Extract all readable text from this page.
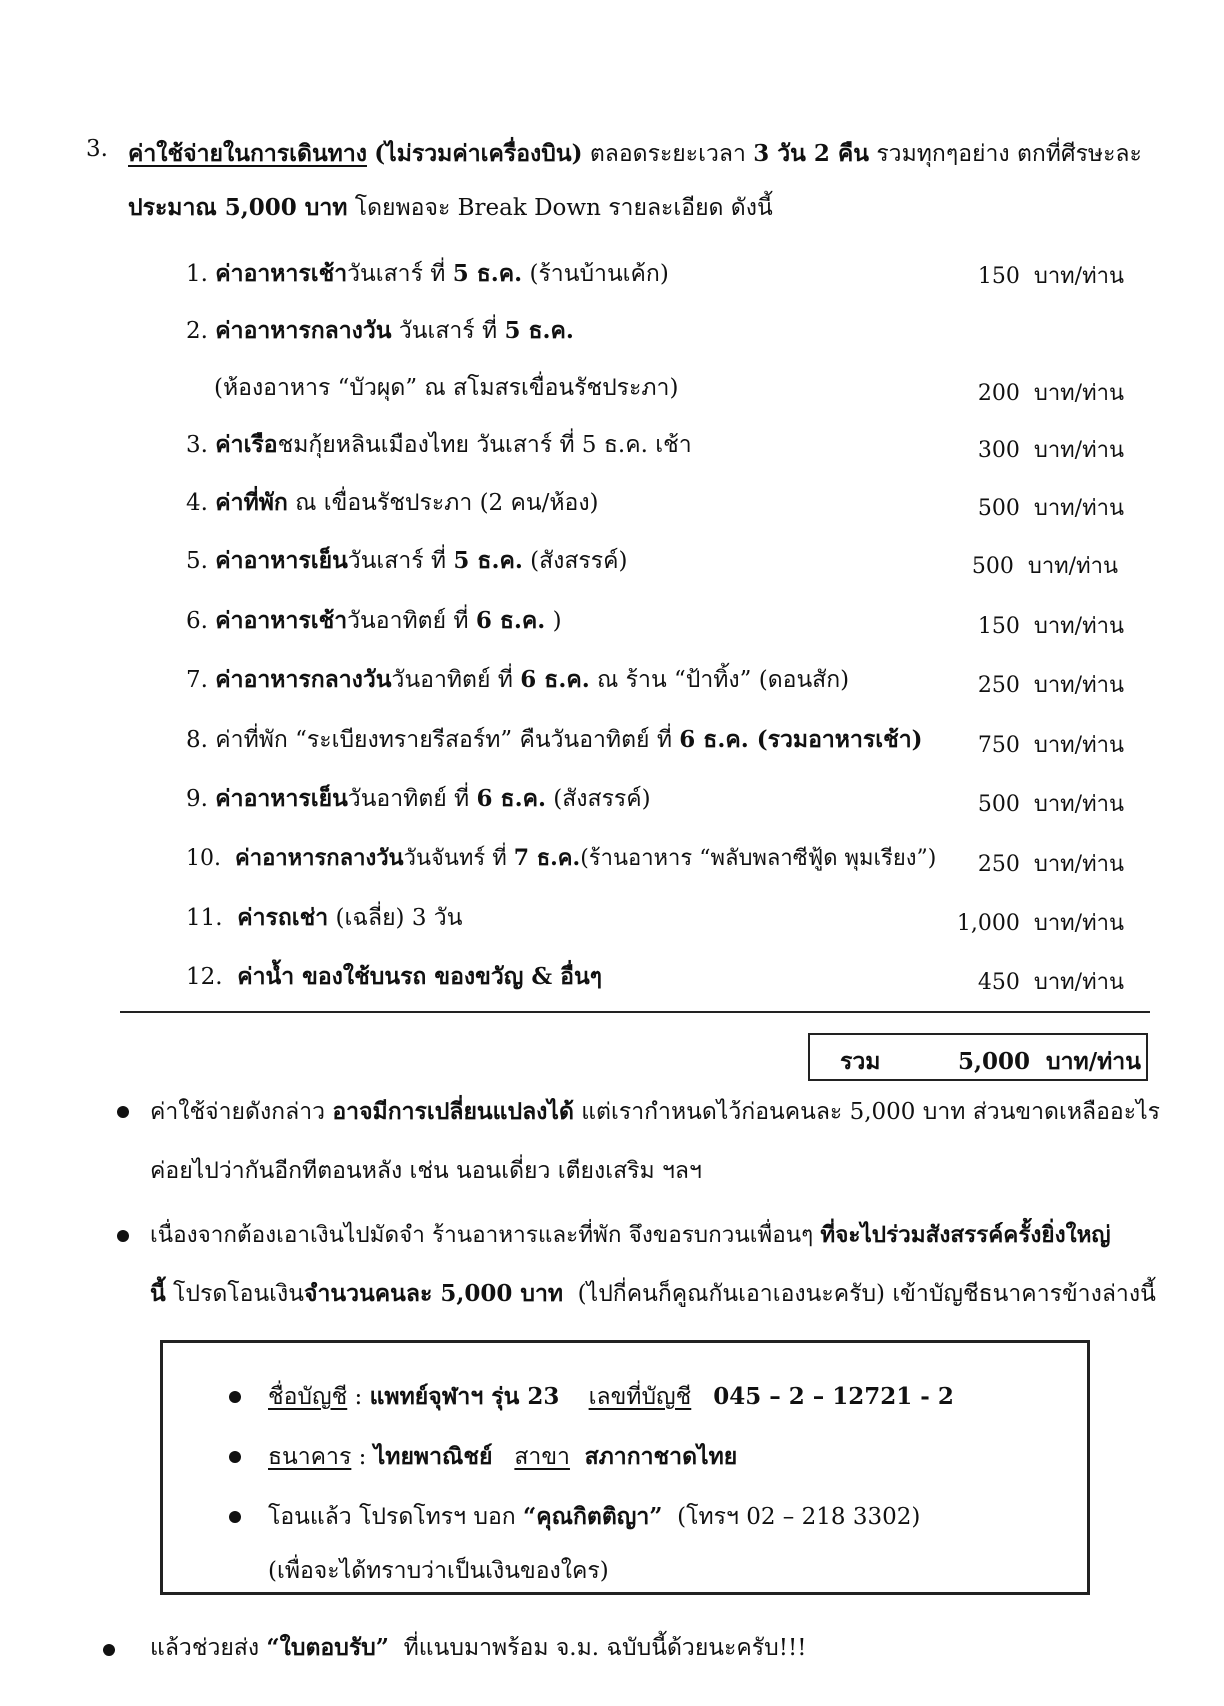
3. ค่าใช้จ่ายในการเดินทาง (ไม่รวมค่าเครื่องบิน) ตลอดระยะเวลา 3 วัน 2 คืน รวมทุกๆอย่าง ตกที่ศีรษะละ
ประมาณ 5,000 บาท โดยพอจะ Break Down รายละเอียด ดังนี้
1. ค่าอาหารเช้าวันเสาร์ ที่ 5 ธ.ค. (ร้านบ้านเค้ก)	150 บาท/ท่าน
2. ค่าอาหารกลางวัน วันเสาร์ ที่ 5 ธ.ค.
(ห้องอาหาร “บัวผุด” ณ สโมสรเขื่อนรัชประภา)	200 บาท/ท่าน
3. ค่าเรือชมกุ้ยหลินเมืองไทย วันเสาร์ ที่ 5 ธ.ค. เช้า	300 บาท/ท่าน
4. ค่าที่พัก ณ เขื่อนรัชประภา (2 คน/ห้อง)	500 บาท/ท่าน
5. ค่าอาหารเย็นวันเสาร์ ที่ 5 ธ.ค. (สังสรรค์)	500 บาท/ท่าน
6. ค่าอาหารเช้าวันอาทิตย์ ที่ 6 ธ.ค. )	150 บาท/ท่าน
7. ค่าอาหารกลางวันวันอาทิตย์ ที่ 6 ธ.ค. ณ ร้าน “ป้าทิ้ง” (ดอนสัก)	250 บาท/ท่าน
8. ค่าที่พัก “ระเบียงทรายรีสอร์ท” คืนวันอาทิตย์ ที่ 6 ธ.ค. (รวมอาหารเช้า)	750 บาท/ท่าน
9. ค่าอาหารเย็นวันอาทิตย์ ที่ 6 ธ.ค. (สังสรรค์)	500 บาท/ท่าน
10. ค่าอาหารกลางวันวันจันทร์ ที่ 7 ธ.ค.(ร้านอาหาร “พลับพลาซีฟู้ด พุมเรียง”) 250 บาท/ท่าน
11. ค่ารถเช่า (เฉลี่ย) 3 วัน	1,000 บาท/ท่าน
12. ค่าน้ำ ของใช้บนรถ ของขวัญ & อื่นๆ	450 บาท/ท่าน
รวม	5,000 บาท/ท่าน
ค่าใช้จ่ายดังกล่าว อาจมีการเปลี่ยนแปลงได้ แต่เรากำหนดไว้ก่อนคนละ 5,000 บาท ส่วนขาดเหลืออะไร
ค่อยไปว่ากันอีกทีตอนหลัง เช่น นอนเดี่ยว เตียงเสริม ฯลฯ
เนื่องจากต้องเอาเงินไปมัดจำ ร้านอาหารและที่พัก จึงขอรบกวนเพื่อนๆ ที่จะไปร่วมสังสรรค์ครั้งยิ่งใหญ่
นี้ โปรดโอนเงินจำนวนคนละ 5,000 บาท (ไปกี่คนก็คูณกันเอาเองนะครับ) เข้าบัญชีธนาคารข้างล่างนี้
ชื่อบัญชี : แพทย์จุฬาฯ รุ่น 23 เลขที่บัญชี 045 – 2 – 12721 - 2
ธนาคาร : ไทยพาณิชย์ สาขา สภากาชาดไทย
โอนแล้ว โปรดโทรฯ บอก “คุณกิตติญา” (โทรฯ 02 – 218 3302)
(เพื่อจะได้ทราบว่าเป็นเงินของใคร)
แล้วช่วยส่ง “ใบตอบรับ” ที่แนบมาพร้อม จ.ม. ฉบับนี้ด้วยนะครับ!!!
